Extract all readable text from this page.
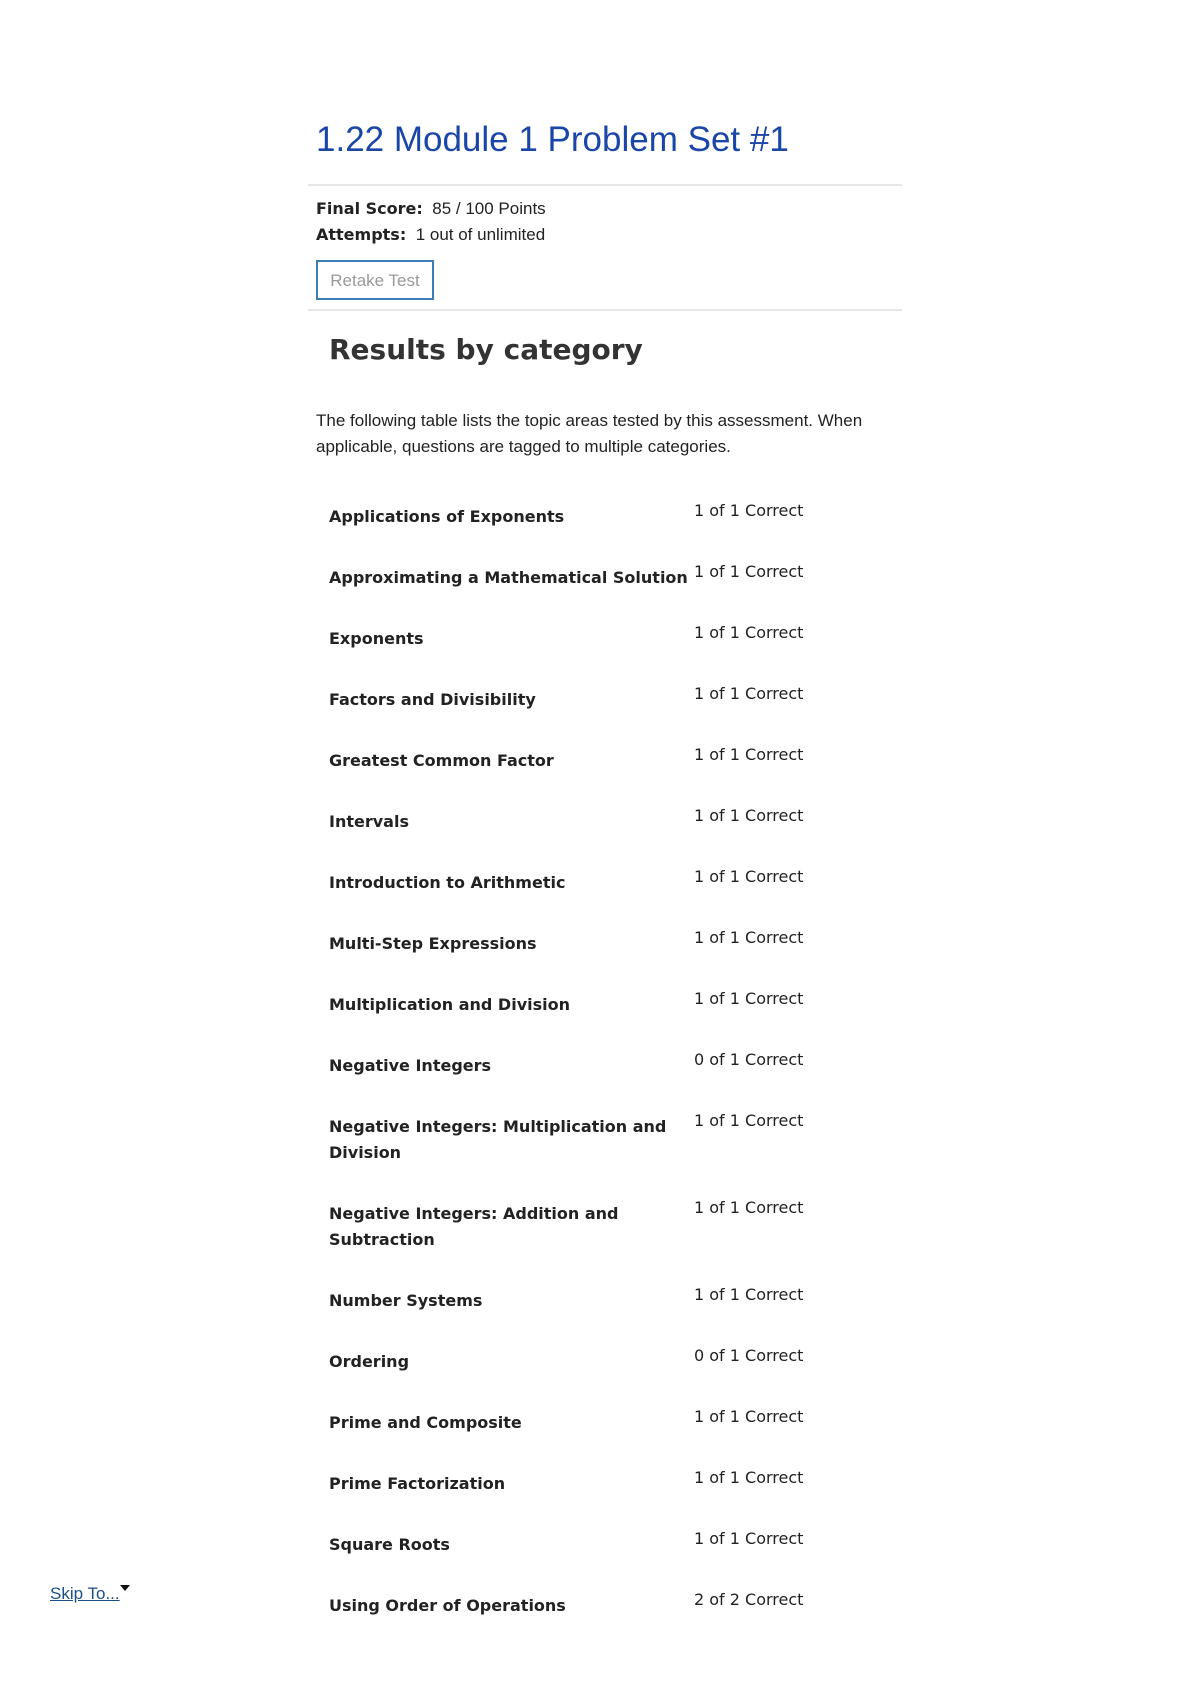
1.22 Module 1 Problem Set #1
Final Score: 85 / 100 Points
Attempts: 1 out of unlimited
Retake Test
Results by category

The following table lists the topic areas tested by this assessment. When applicable, questions are tagged to multiple categories.

Applications of Exponents	1 of 1 Correct
Approximating a Mathematical Solution 1 of 1 Correct
Exponents	1 of 1 Correct
Factors and Divisibility	1 of 1 Correct
Greatest Common Factor	1 of 1 Correct
Intervals	1 of 1 Correct
Introduction to Arithmetic	1 of 1 Correct
Multi-Step Expressions	1 of 1 Correct
Multiplication and Division	1 of 1 Correct
Negative Integers	0 of 1 Correct
Negative Integers: Multiplication and Division
1 of 1 Correct
Negative Integers: Addition and Subtraction
1 of 1 Correct
Number Systems	1 of 1 Correct
Ordering	0 of 1 Correct
Prime and Composite	1 of 1 Correct
Prime Factorization	1 of 1 Correct
Square Roots	1 of 1 Correct
Using Order of Operations	2 of 2 Correct
Skip To...
